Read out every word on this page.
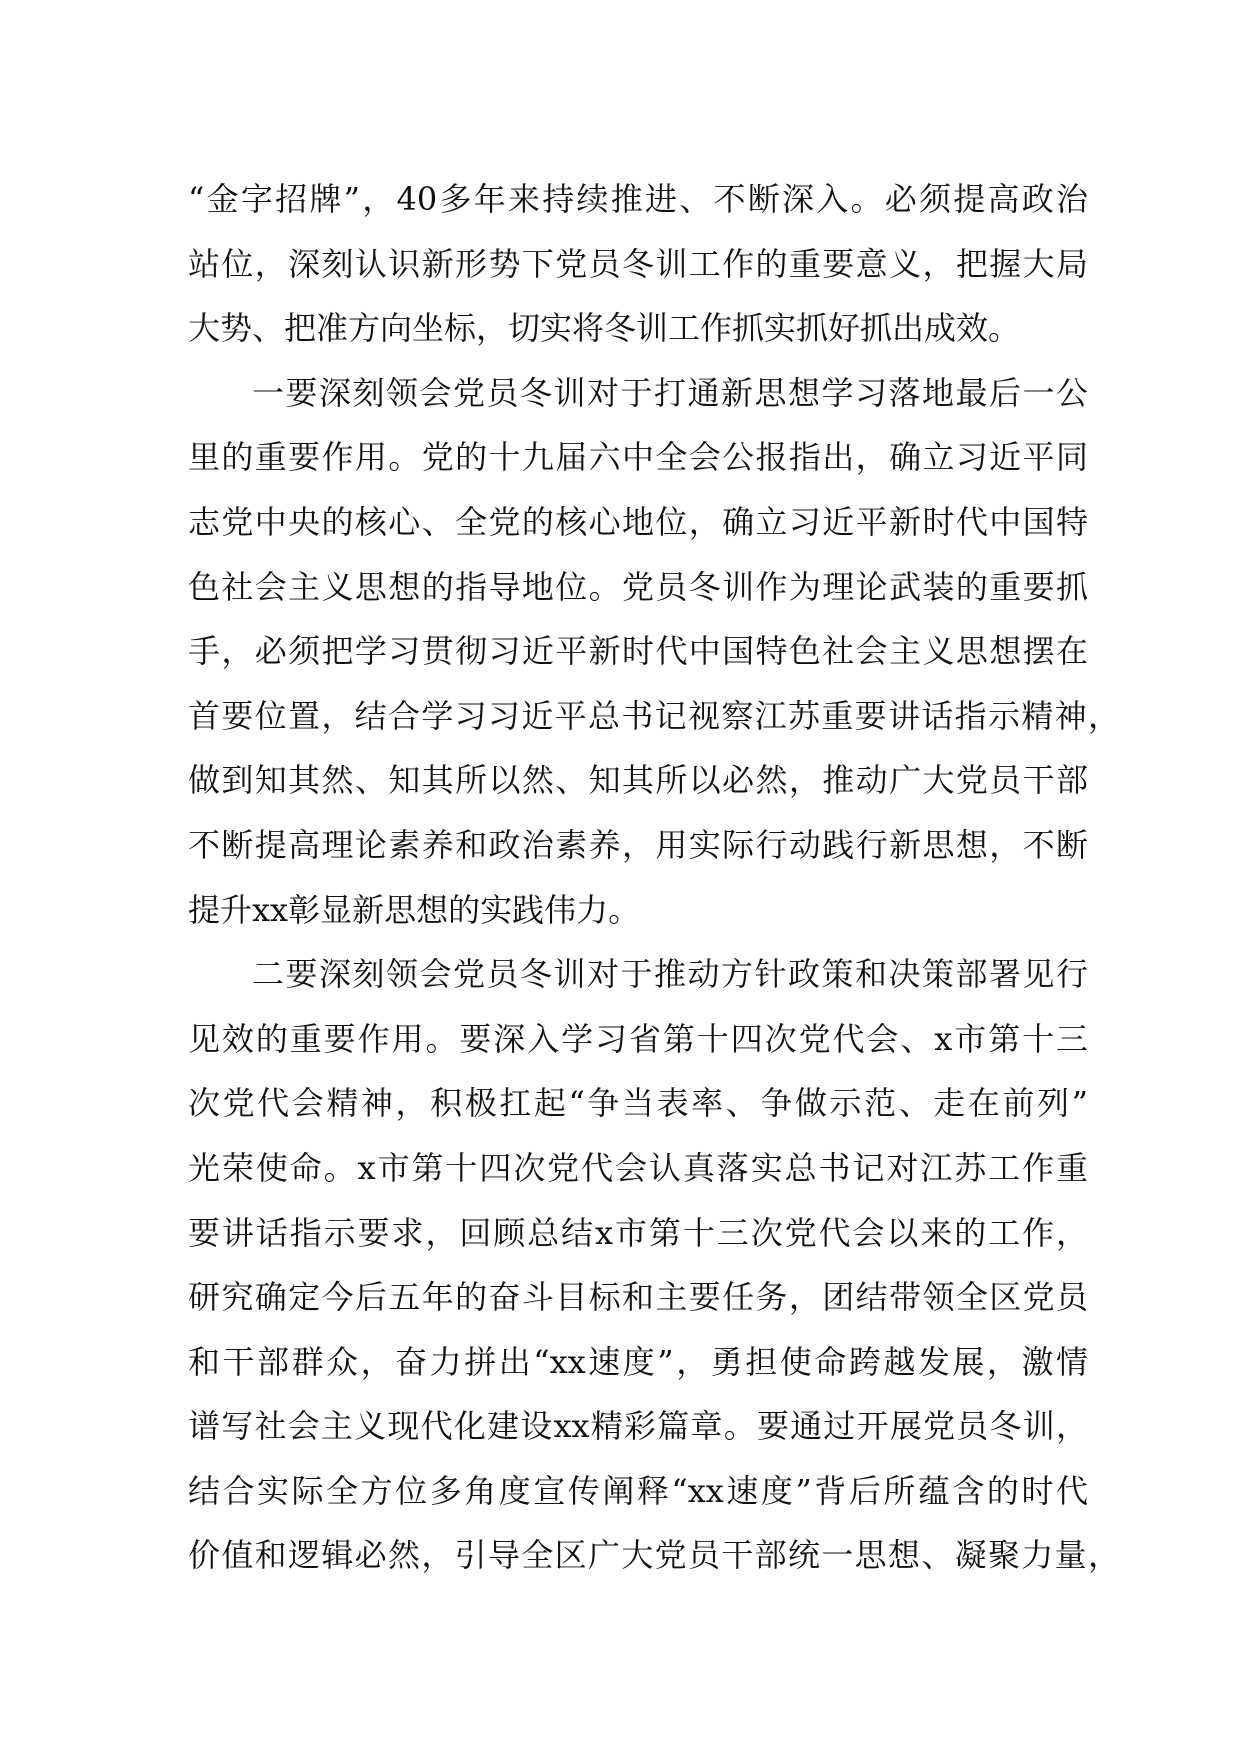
“金字招牌”，40多年来持续推进、不断深入。必须提高政治
站位，深刻认识新形势下党员冬训工作的重要意义，把握大局
大势、把准方向坐标，切实将冬训工作抓实抓好抓出成效。
一要深刻领会党员冬训对于打通新思想学习落地最后一公
里的重要作用。党的十九届六中全会公报指出，确立习近平同
志党中央的核心、全党的核心地位，确立习近平新时代中国特
色社会主义思想的指导地位。党员冬训作为理论武装的重要抓
手，必须把学习贯彻习近平新时代中国特色社会主义思想摆在
首要位置，结合学习习近平总书记视察江苏重要讲话指示精神，
做到知其然、知其所以然、知其所以必然，推动广大党员干部
不断提高理论素养和政治素养，用实际行动践行新思想，不断
提升xx彰显新思想的实践伟力。
二要深刻领会党员冬训对于推动方针政策和决策部署见行
见效的重要作用。要深入学习省第十四次党代会、x市第十三
次党代会精神，积极扛起“争当表率、争做示范、走在前列”
光荣使命。x市第十四次党代会认真落实总书记对江苏工作重
要讲话指示要求，回顾总结x市第十三次党代会以来的工作，
研究确定今后五年的奋斗目标和主要任务，团结带领全区党员
和干部群众，奋力拼出“xx速度”，勇担使命跨越发展，激情
谱写社会主义现代化建设xx精彩篇章。要通过开展党员冬训，
结合实际全方位多角度宣传阐释“xx速度”背后所蕴含的时代
价值和逻辑必然，引导全区广大党员干部统一思想、凝聚力量，
